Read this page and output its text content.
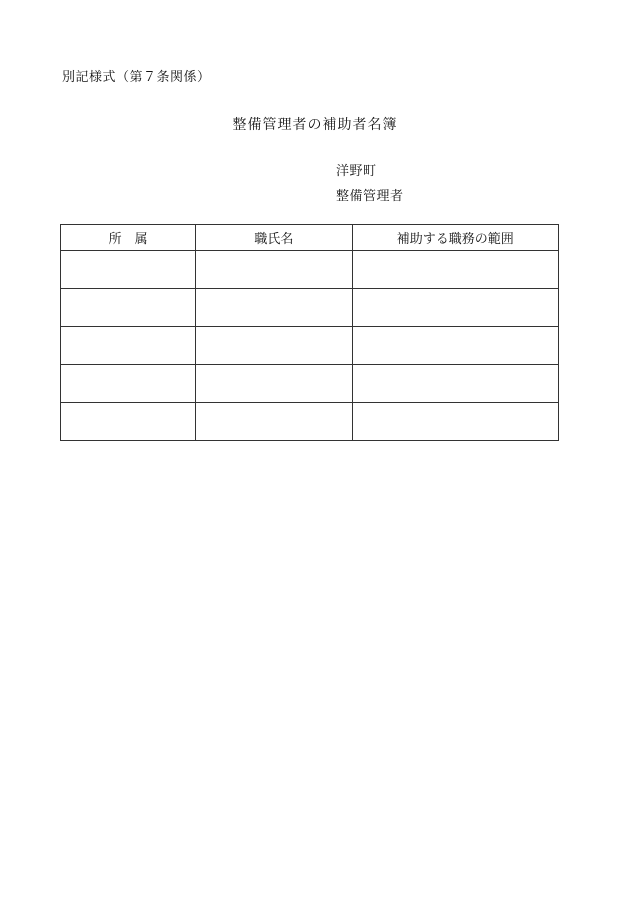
別記様式（第７条関係）
整備管理者の補助者名簿
洋野町
整備管理者
所　属	職氏名	補助する職務の範囲
